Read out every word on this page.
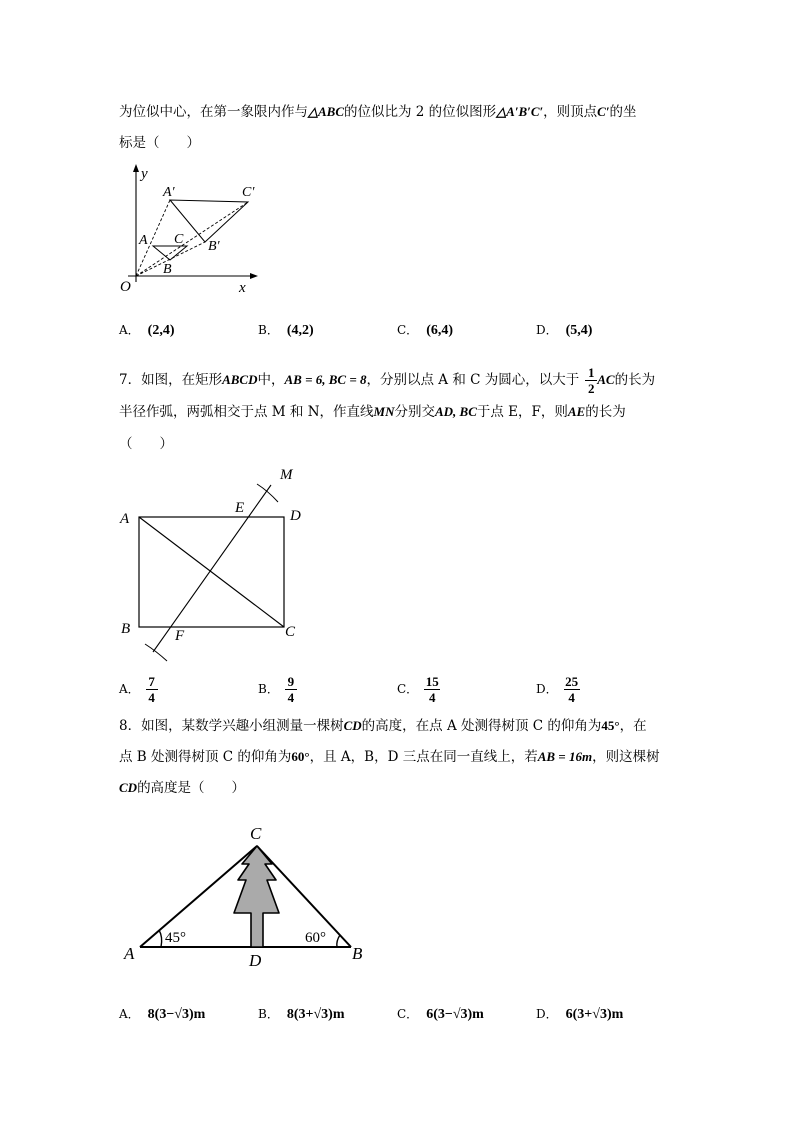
为位似中心，在第一象限内作与△ABC的位似比为 2 的位似图形△A′B′C′，则顶点C′的坐
标是（　　）
y
x
O
A
B
C
A′
B′
C′
A． (2,4)	B． (4,2)	C． (6,4)	D． (5,4)
7．如图，在矩形ABCD中，AB = 6, BC = 8，分别以点 A 和 C 为圆心，以大于 $\frac{1}{2}$ AC的长为
半径作弧，两弧相交于点 M 和 N，作直线MN分别交AD, BC于点 E，F，则AE的长为
（　　）
M
A
E	D
B	F	C
A． $\frac{7}{4}$	B． $\frac{9}{4}$	C． $\frac{15}{4}$	D． $\frac{25}{4}$
8．如图，某数学兴趣小组测量一棵树CD的高度，在点 A 处测得树顶 C 的仰角为45°，在
点 B 处测得树顶 C 的仰角为60°，且 A，B，D 三点在同一直线上，若AB = 16m，则这棵树
CD的高度是（　　）
C
A	D	B
45°	60°
A． 8(3−√3)m	B． 8(3+√3)m	C． 6(3−√3)m	D． 6(3+√3)m
